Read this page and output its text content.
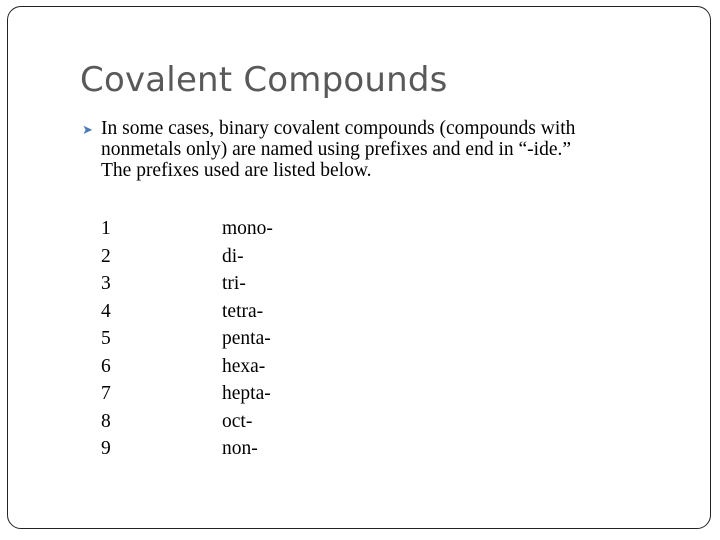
Covalent Compounds
➤ In some cases, binary covalent compounds (compounds with
nonmetals only) are named using prefixes and end in “-ide.”
The prefixes used are listed below.
1	mono-
2	di-
3	tri-
4	tetra-
5	penta-
6	hexa-
7	hepta-
8	oct-
9	non-
